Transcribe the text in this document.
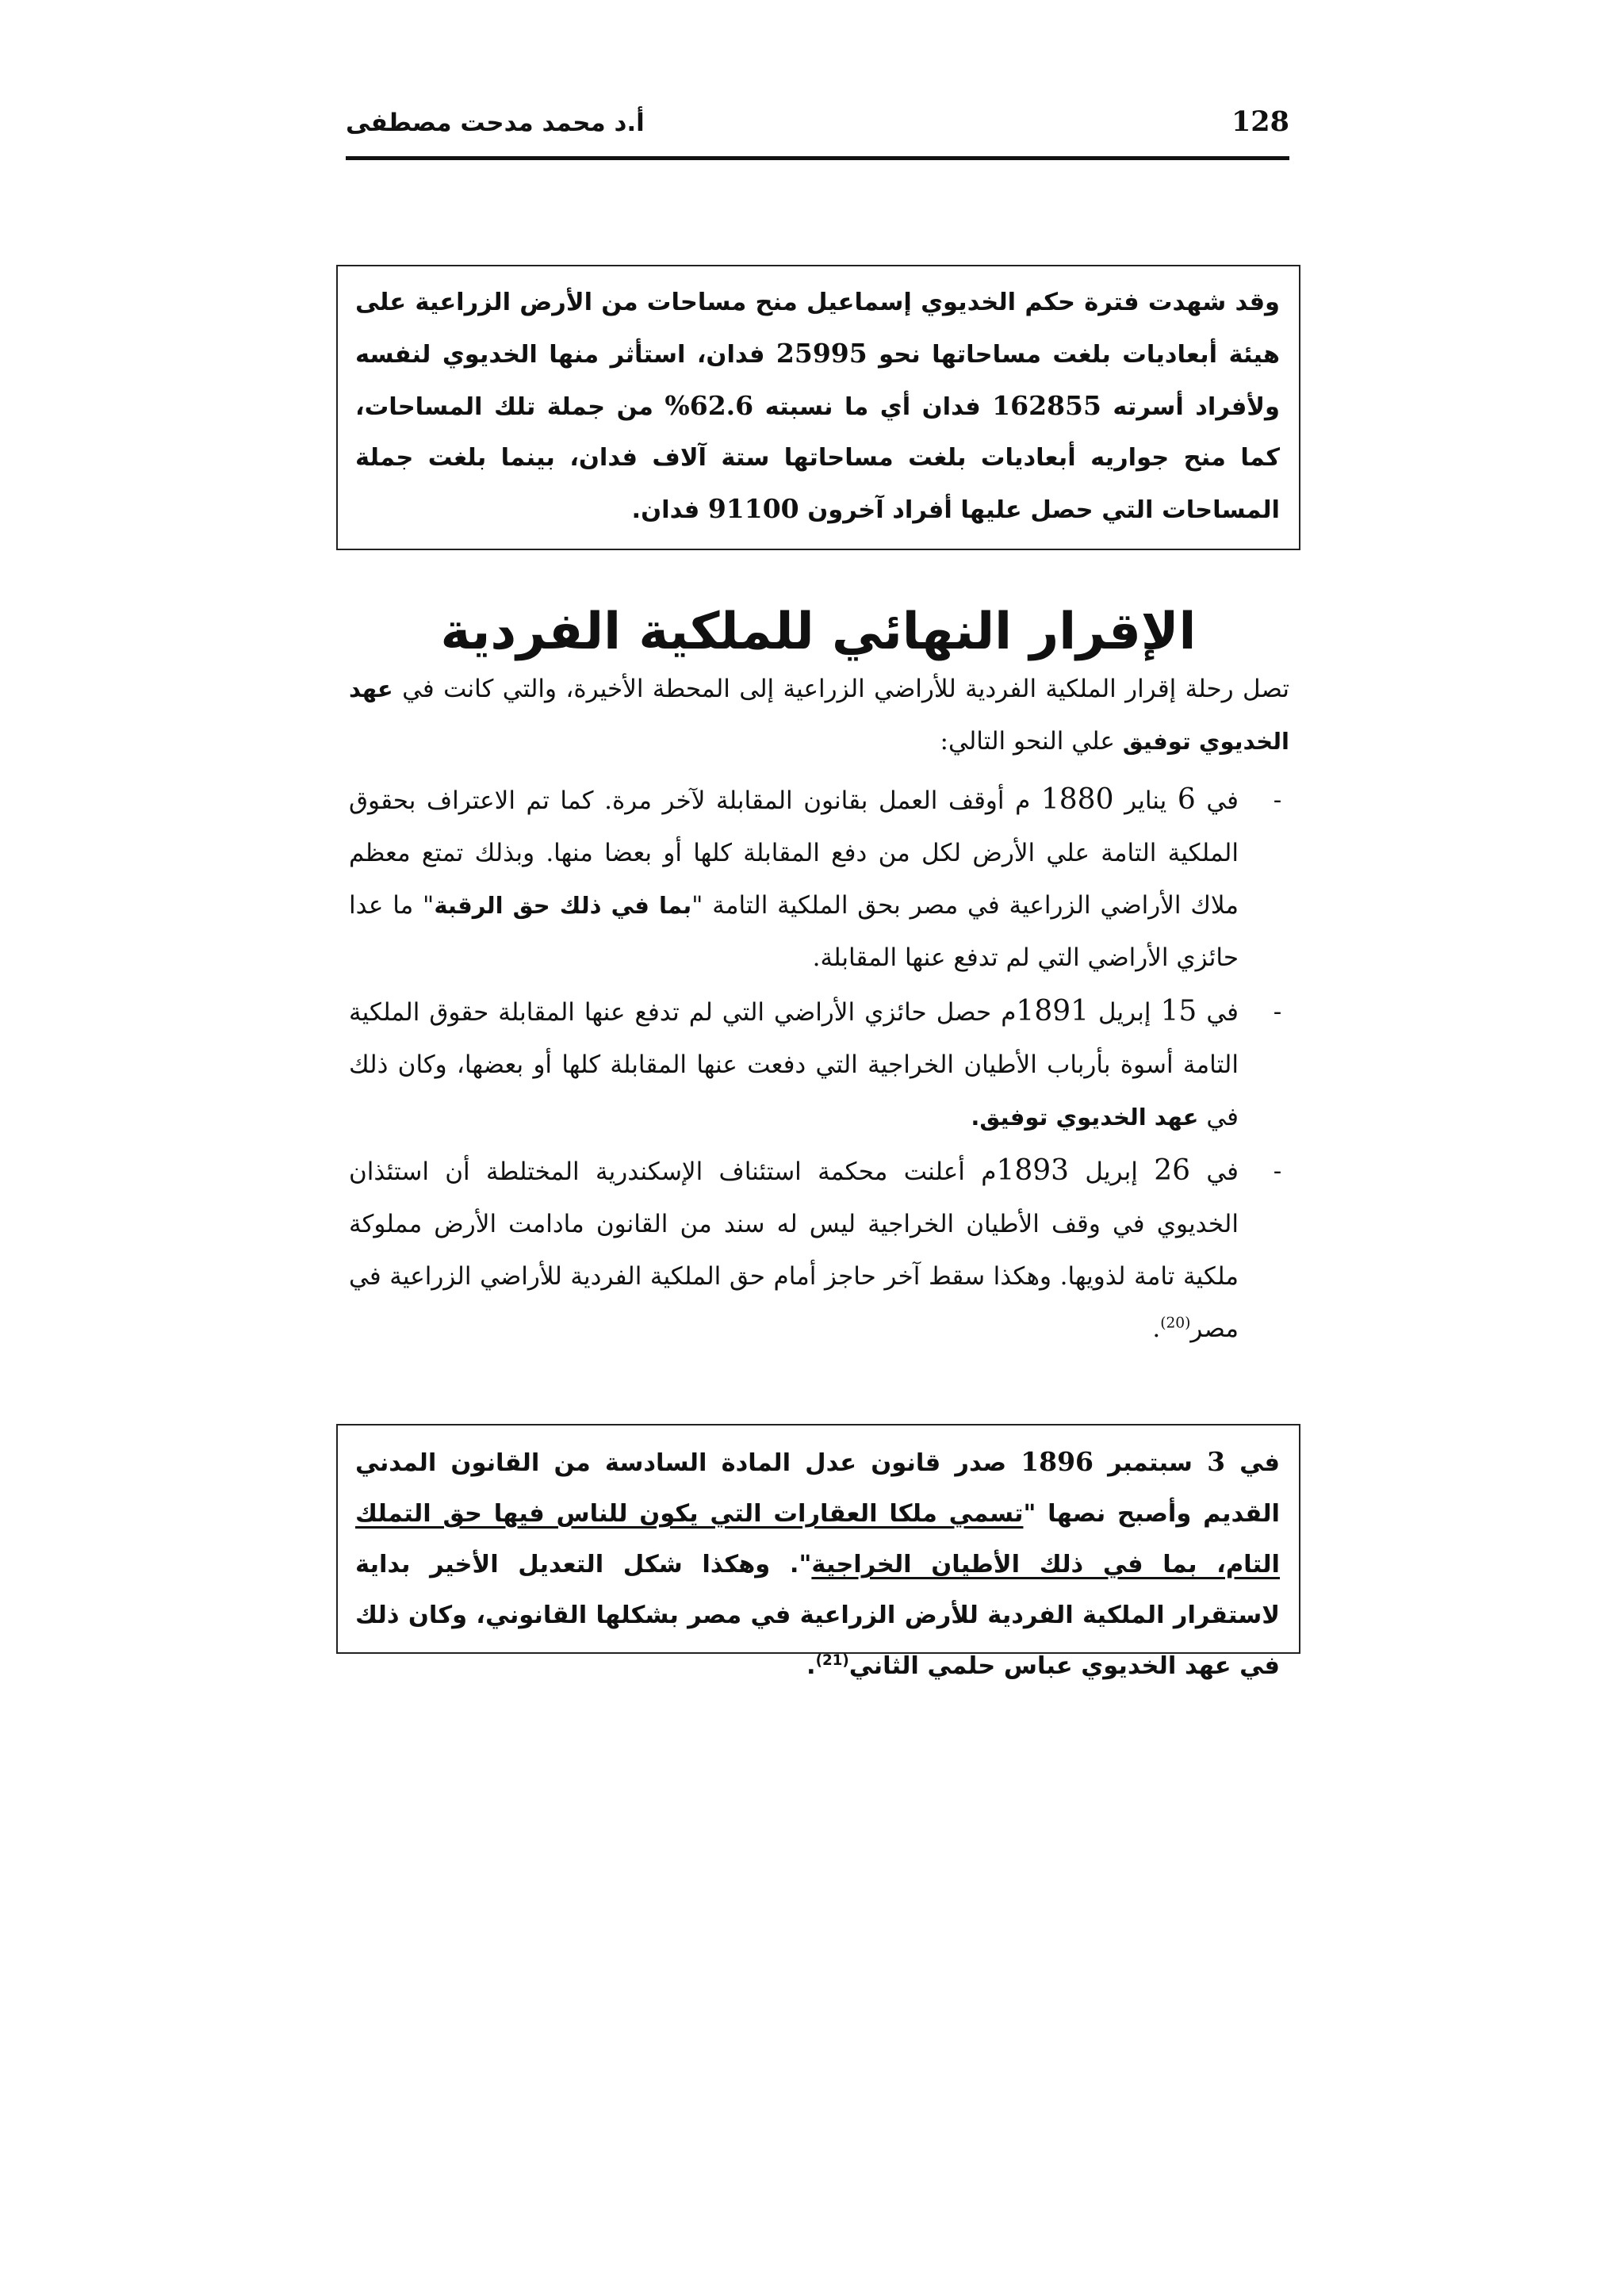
128
أ.د محمد مدحت مصطفى

وقد شهدت فترة حكم الخديوي إسماعيل منح مساحات من الأرض الزراعية على هيئة أبعاديات بلغت مساحاتها نحو 25995 فدان، استأثر منها الخديوي لنفسه ولأفراد أسرته 162855 فدان أي ما نسبته 62.6% من جملة تلك المساحات، كما منح جواريه أبعاديات بلغت مساحاتها ستة آلاف فدان، بينما بلغت جملة المساحات التي حصل عليها أفراد آخرون 91100 فدان.

الإقرار النهائي للملكية الفردية

تصل رحلة إقرار الملكية الفردية للأراضي الزراعية إلى المحطة الأخيرة، والتي كانت في عهد الخديوي توفيق علي النحو التالي:

-
في 6 يناير 1880 م أوقف العمل بقانون المقابلة لآخر مرة. كما تم الاعتراف بحقوق الملكية التامة علي الأرض لكل من دفع المقابلة كلها أو بعضا منها. وبذلك تمتع معظم ملاك الأراضي الزراعية في مصر بحق الملكية التامة "بما في ذلك حق الرقبة" ما عدا حائزي الأراضي التي لم تدفع عنها المقابلة.
-
في 15 إبريل 1891م حصل حائزي الأراضي التي لم تدفع عنها المقابلة حقوق الملكية التامة أسوة بأرباب الأطيان الخراجية التي دفعت عنها المقابلة كلها أو بعضها، وكان ذلك في عهد الخديوي توفيق.
-
في 26 إبريل 1893م أعلنت محكمة استئناف الإسكندرية المختلطة أن استئذان الخديوي في وقف الأطيان الخراجية ليس له سند من القانون مادامت الأرض مملوكة ملكية تامة لذويها. وهكذا سقط آخر حاجز أمام حق الملكية الفردية للأراضي الزراعية في مصر$^{(20)}$.

في 3 سبتمبر 1896 صدر قانون عدل المادة السادسة من القانون المدني القديم وأصبح نصها "تسمي ملكا العقارات التي يكون للناس فيها حق التملك التام، بما في ذلك الأطيان الخراجية". وهكذا شكل التعديل الأخير بداية لاستقرار الملكية الفردية للأرض الزراعية في مصر بشكلها القانوني، وكان ذلك في عهد الخديوي عباس حلمي الثاني$^{(21)}$.
